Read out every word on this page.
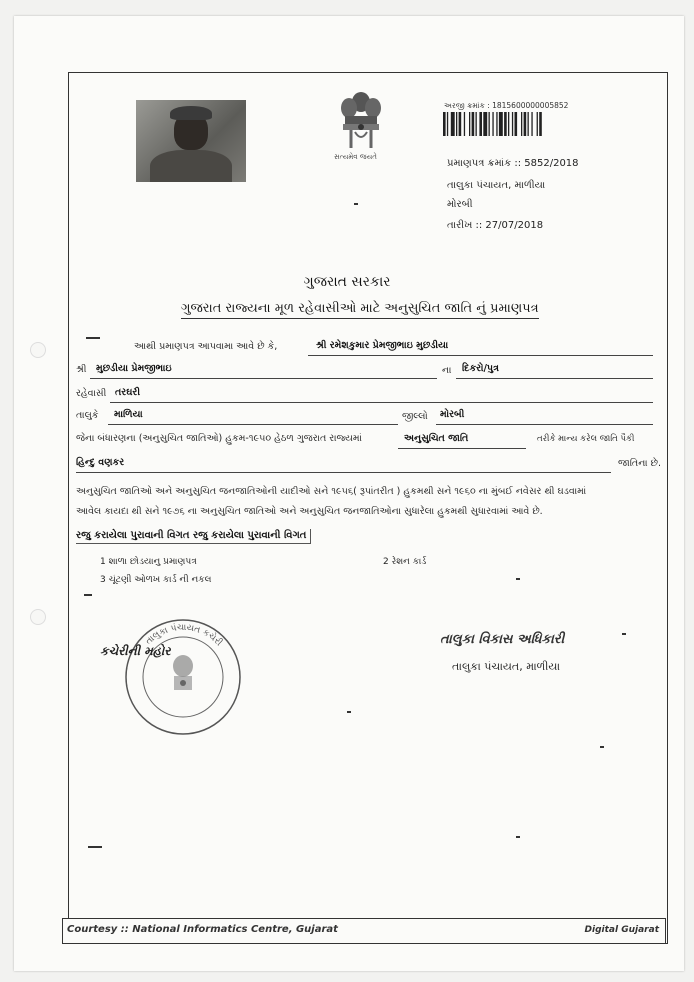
સત્યમેવ જયતે
અરજી ક્રમાંક : 1815600000005852
પ્રમાણપત્ર ક્રમાંક :: 5852/2018
તાલુકા પંચાયત, માળીયા
મોરબી
તારીખ :: 27/07/2018
ગુજરાત સરકાર
ગુજરાત રાજ્યના મૂળ રહેવાસીઓ માટે અનુસુચિત જાતિ નું પ્રમાણપત્ર
આથી પ્રમાણપત્ર આપવામા આવે છે કે,	શ્રી રમેશકુમાર પ્રેમજીભાઇ મુછડીયા
શ્રી મુછડીયા પ્રેમજીભાઇ	ના દિકરો/પુત્ર
રહેવાસી તરઘરી
તાલુકે માળિયા	જીલ્લો મોરબી
જેના બંધારણના (અનુસુચિત જાતિઓ) હુકમ-૧૯૫૦ હેઠળ ગુજરાત રાજ્યમાં	અનુસુચિત જાતિ	તરીકે માન્ય કરેલ જાતિ પૈકી
હિન્દુ વણકર	જાતિના છે.
અનુસુચિત જાતિઓ અને અનુસુચિત જનજાતિઓની યાદીઓ સને ૧૯૫૬( રૂપાંતરીત ) હુકમથી સને ૧૯૬૦ ના મુંબઈ નવેસર થી ઘડવામાં
આવેલ કાયદા થી સને ૧૯૭૬ ના અનુસુચિત જાતિઓ અને અનુસુચિત જનજાતિઓના સુધારેલા હુકમથી સુધારવામાં આવે છે.
રજુ કરાયેલા પુરાવાની વિગત રજુ કરાયેલા પુરાવાની વિગત
1 શાળા છોડયાનુ પ્રમાણપત્ર	2 રેશન કાર્ડ
3 ચૂંટણી ઓળખ કાર્ડ ની નકલ
તાલુકા પંચાયત કચેરી
કચેરીની મહોર
તાલુકા વિકાસ અધિકારી
તાલુકા પંચાયત, માળીયા
Courtesy :: National Informatics Centre, Gujarat	Digital Gujarat
